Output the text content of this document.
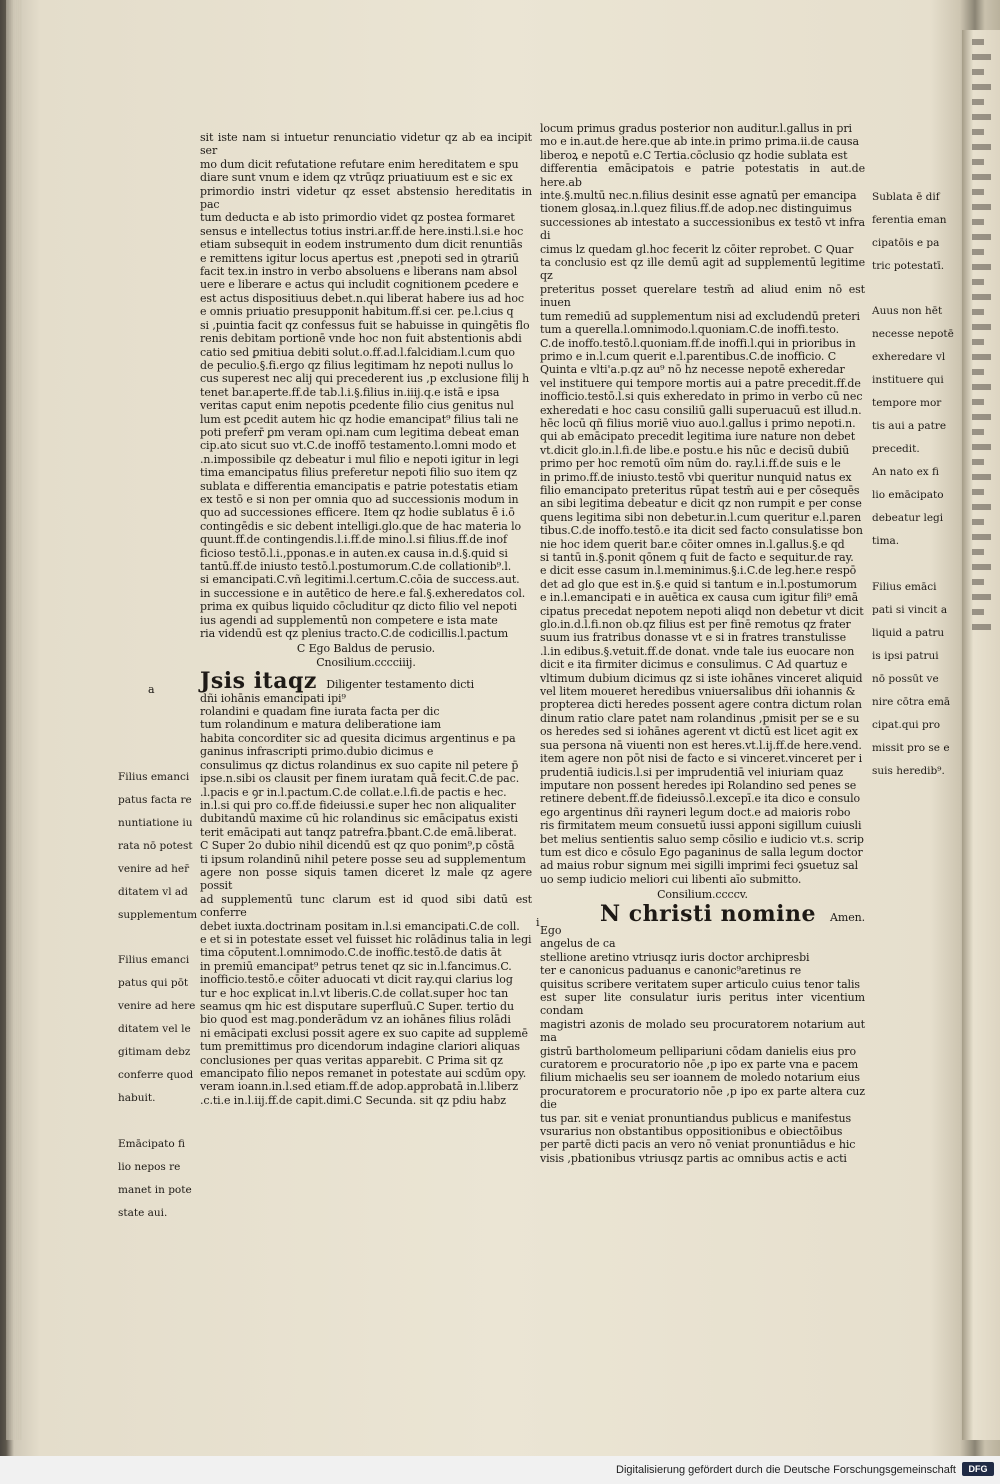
sit iste nam si intuetur renunciatio videtur qz ab ea incipit ser

mo dum dicit refutatione refutare enim hereditatem e spu

diare sunt vnum e idem qz vtrūqz priuatiuum est e sic ex

primordio instri videtur qz esset abstensio hereditatis in pac

tum deducta e ab isto primordio videt qz postea formaret

sensus e intellectus totius instri.ar.ff.de here.insti.l.si.e hoc

etiam subsequit in eodem instrumento dum dicit renuntiās

e remittens igitur locus apertus est ,pnepoti sed in ꝯtrariū

facit tex.in instro in verbo absoluens e liberans nam absol

uere e liberare e actus qui includit cognitionem ꝑcedere e

est actus dispositiuus debet.n.qui liberat habere ius ad hoc

e omnis priuatio presupponit habitum.ff.si cer. pe.l.cius q

si ,puintia facit qz confessus fuit se habuisse in quingētis flo

renis debitam portionē vnde hoc non fuit abstentionis abdi

catio sed ꝑmitiua debiti solut.o.ff.ad.l.falcidiam.l.cum quo

de peculio.§.fi.ergo qz filius legitimam hz nepoti nullus lo

cus superest nec alij qui precederent ius ,p exclusione filij h

tenet bar.aperte.ff.de tab.l.i.§.filius in.iiij.q.e istā e ipsa

veritas caput enim nepotis ꝑcedente filio cius genitus nul

lum est ꝑcedit autem hic qz hodie emancipat⁹ filius tali ne

poti preferr̄ ꝑm veram opi.nam cum legitima debeat eman

cip.ato sicut suo vt.C.de inoffō testamento.l.omni modo et

.n.impossibile qz debeatur i mul filio e nepoti igitur in legi

tima emancipatus filius preferetur nepoti filio suo item qz

sublata e differentia emancipatis e patrie potestatis etiam

ex testō e si non per omnia quo ad successionis modum in

quo ad successiones efficere. Item qz hodie sublatus ē i.ō

contingēdis e sic debent intelligi.glo.que de hac materia lo

quunt.ff.de contingendis.l.i.ff.de mino.l.si filius.ff.de inof

ficioso testō.l.i.,pponas.e in auten.ex causa in.d.§.quid si

tantū.ff.de iniusto testō.l.postumorum.C.de collationib⁹.l.

si emancipati.C.vñ legitimi.l.certum.C.cōia de success.aut.

in successione e in autētico de here.e fal.§.exheredatos col.

prima ex quibus liquido cōcluditur qz dicto filio vel nepoti

ius agendi ad supplementū non competere e ista mate

ria videndū est qz plenius tracto.C.de codicillis.l.pactum

C Ego Baldus de perusio.

Cnosilium.cccciiij.

a Jsis itaqz Diligenter testamento dicti

dñi iohānis emancipati ipi⁹

rolandini e quadam fine iurata facta per dic

tum rolandinum e matura deliberatione iam

habita concorditer sic ad quesita dicimus argentinus e pa

ganinus infrascripti primo.dubio dicimus e

consulimus qz dictus rolandinus ex suo capite nil petere p̄

ipse.n.sibi os clausit per finem iuratam quā fecit.C.de pac.

.l.pacis e ꝯr in.l.pactum.C.de collat.e.l.fi.de pactis e hec.

in.l.si qui pro co.ff.de fideiussi.e super hec non aliqualiter

dubitandū maxime cū hic rolandinus sic emācipatus existi

terit emācipati aut tanqz patrefra.ꝥbant.C.de emā.liberat.

C Super 2o dubio nihil dicendū est qz quo ponim⁹,p cōstā

ti ipsum rolandinū nihil petere posse seu ad supplementum

agere non posse siquis tamen diceret lz male qz agere possit

ad supplementū tunc clarum est id quod sibi datū est conferre

debet iuxta.doctrinam positam in.l.si emancipati.C.de coll.

e et si in potestate esset vel fuisset hic rolādinus talia in legi

tima cōputent.l.omnimodo.C.de inoffic.testō.de datis āt

in premiū emancipat⁹ petrus tenet qz sic in.l.fancimus.C.

inofficio.testō.e cōiter aduocati vt dicit ray.qui clarius log

tur e hoc explicat in.l.vt liberis.C.de collat.super hoc tan

seamus qm hic est disputare superfluū.C Super. tertio du

bio quod est mag.ponderādum vz an iohānes filius rolādi

ni emācipati exclusi possit agere ex suo capite ad supplemē

tum premittimus pro dicendorum indagine clariori aliquas

conclusiones per quas veritas apparebit. C Prima sit qz

emancipato filio nepos remanet in potestate aui scdūm opy.

veram ioann.in.l.sed etiam.ff.de adop.approbatā in.l.liberz

.c.ti.e in.l.iij.ff.de capit.dimi.C Secunda. sit qz pdiu habz

locum primus gradus posterior non auditur.l.gallus in pri

mo e in.aut.de here.que ab inte.in primo prima.ii.de causa

liberoꝝ e nepotū e.C Tertia.cōclusio qz hodie sublata est

differentia emācipatois e patrie potestatis in aut.de here.ab

inte.§.multū nec.n.filius desinit esse agnatū per emancipa

tionem glosaꝝ.in.l.quez filius.ff.de adop.nec distinguimus

successiones ab intestato a successionibus ex testō vt infra di

cimus lz quedam gl.hoc fecerit lz cōiter reprobet. C Quar

ta conclusio est qz ille demū agit ad supplementū legitime qz

preteritus posset querelare testm̄ ad aliud enim nō est inuen

tum remediū ad supplementum nisi ad excludendū preteri

tum a querella.l.omnimodo.l.quoniam.C.de inoffi.testo.

C.de inoffo.testō.l.quoniam.ff.de inoffi.l.qui in prioribus in

primo e in.l.cum querit e.l.parentibus.C.de inofficio. C

Quinta e vlti'a.p.qz au⁹ nō hz necesse nepotē exheredar

vel instituere qui tempore mortis aui a patre precedit.ff.de

inofficio.testō.l.si quis exheredato in primo in verbo cū nec

exheredati e hoc casu consiliū galli superuacuū est illud.n.

hēc locū qñ filius moriē viuo auo.l.gallus i primo nepoti.n.

qui ab emācipato precedit legitima iure nature non debet

vt.dicit glo.in.l.fi.de libe.e postu.e his nūc e decisū dubiū

primo per hoc remotū oīm nūm do. ray.l.i.ff.de suis e le

in primo.ff.de iniusto.testō vbi queritur nunquid natus ex

filio emancipato preteritus rūpat testm̄ aui e per cōsequēs

an sibi legitima debeatur e dicit qz non rumpit e per conse

quens legitima sibi non debetur.in.l.cum queritur e.l.paren

tibus.C.de inoffo.testō.e ita dicit sed facto consulatisse bon

nie hoc idem querit bar.e cōiter omnes in.l.gallus.§.e qd

si tantū in.§.ponit qōnem q fuit de facto e sequitur.de ray.

e dicit esse casum in.l.meminimus.§.i.C.de leg.her.e respō

det ad glo que est in.§.e quid si tantum e in.l.postumorum

e in.l.emancipati e in auētica ex causa cum igitur fili⁹ emā

cipatus precedat nepotem nepoti aliqd non debetur vt dicit

glo.in.d.l.fi.non ob.qz filius est per finē remotus qz frater

suum ius fratribus donasse vt e si in fratres transtulisse

.l.in edibus.§.vetuit.ff.de donat. vnde tale ius euocare non

dicit e ita firmiter dicimus e consulimus. C Ad quartuz e

vltimum dubium dicimus qz si iste iohānes vinceret aliquid

vel litem moueret heredibus vniuersalibus dñi iohannis &

propterea dicti heredes possent agere contra dictum rolan

dinum ratio clare patet nam rolandinus ,pmisit per se e su

os heredes sed si iohānes agerent vt dictū est licet agit ex

sua persona nā viuenti non est heres.vt.l.ij.ff.de here.vend.

item agere non pōt nisi de facto e si vinceret.vinceret per i

prudentiā iudicis.l.si per imprudentiā vel iniuriam quaz

imputare non possent heredes ipi Rolandino sed penes se

retinere debent.ff.de fideiussō.l.excepī.e ita dico e consulo

ego argentinus dñi rayneri legum doct.e ad maioris robo

ris firmitatem meum consuetū iussi apponi sigillum cuiusli

bet melius sentientis saluo semp cōsilio e iudicio vt.s. scrip

tum est dico e cōsulo Ego paganinus de salla legum doctor

ad maius robur signum mei sigilli imprimi feci ꝯsuetuz sal

uo semp iudicio meliori cui libenti aīo submitto.

Consilium.ccccv.

i	N christi nomine Amen. Ego

angelus de ca

stellione aretino vtriusqz iuris doctor archipresbi

ter e canonicus paduanus e canonic⁹aretinus re

quisitus scribere veritatem super articulo cuius tenor talis

est super lite consulatur iuris peritus inter vicentium condam

magistri azonis de molado seu procuratorem notarium aut ma

gistrū bartholomeum pellipariuni cōdam danielis eius pro

curatorem e procuratorio nōe ,p ipo ex parte vna e pacem

filium michaelis seu ser ioannem de moledo notarium eius

procuratorem e procuratorio nōe ,p ipo ex parte altera cuz die

tus par. sit e veniat pronuntiandus publicus e manifestus

vsurarius non obstantibus oppositionibus e obiectōibus

per partē dicti pacis an vero nō veniat pronuntiādus e hic

visis ,pbationibus vtriusqz partis ac omnibus actis e acti

Filius emanci

patus facta re

nuntiatione iu

rata nō potest

venire ad her̄

ditatem vl ad

supplementum

Filius emanci

patus qui pōt

venire ad here

ditatem vel le

gitimam debz

conferre quod

habuit.

Emācipato fi

lio nepos re

manet in pote

state aui.

Sublata ē dif

ferentia eman

cipatōis e pa

tric potestatī.

Auus non hēt

necesse nepotē

exheredare vl

instituere qui

tempore mor

tis aui a patre

precedit.

An nato ex fi

lio emācipato

debeatur legi

tima.

Filius emāci

pati si vincit a

liquid a patru

is ipsi patrui

nō possūt ve

nire cōtra emā

cipat.qui pro

missit pro se e

suis heredib⁹.

Digitalisierung gefördert durch die Deutsche Forschungsgemeinschaft	DFG
